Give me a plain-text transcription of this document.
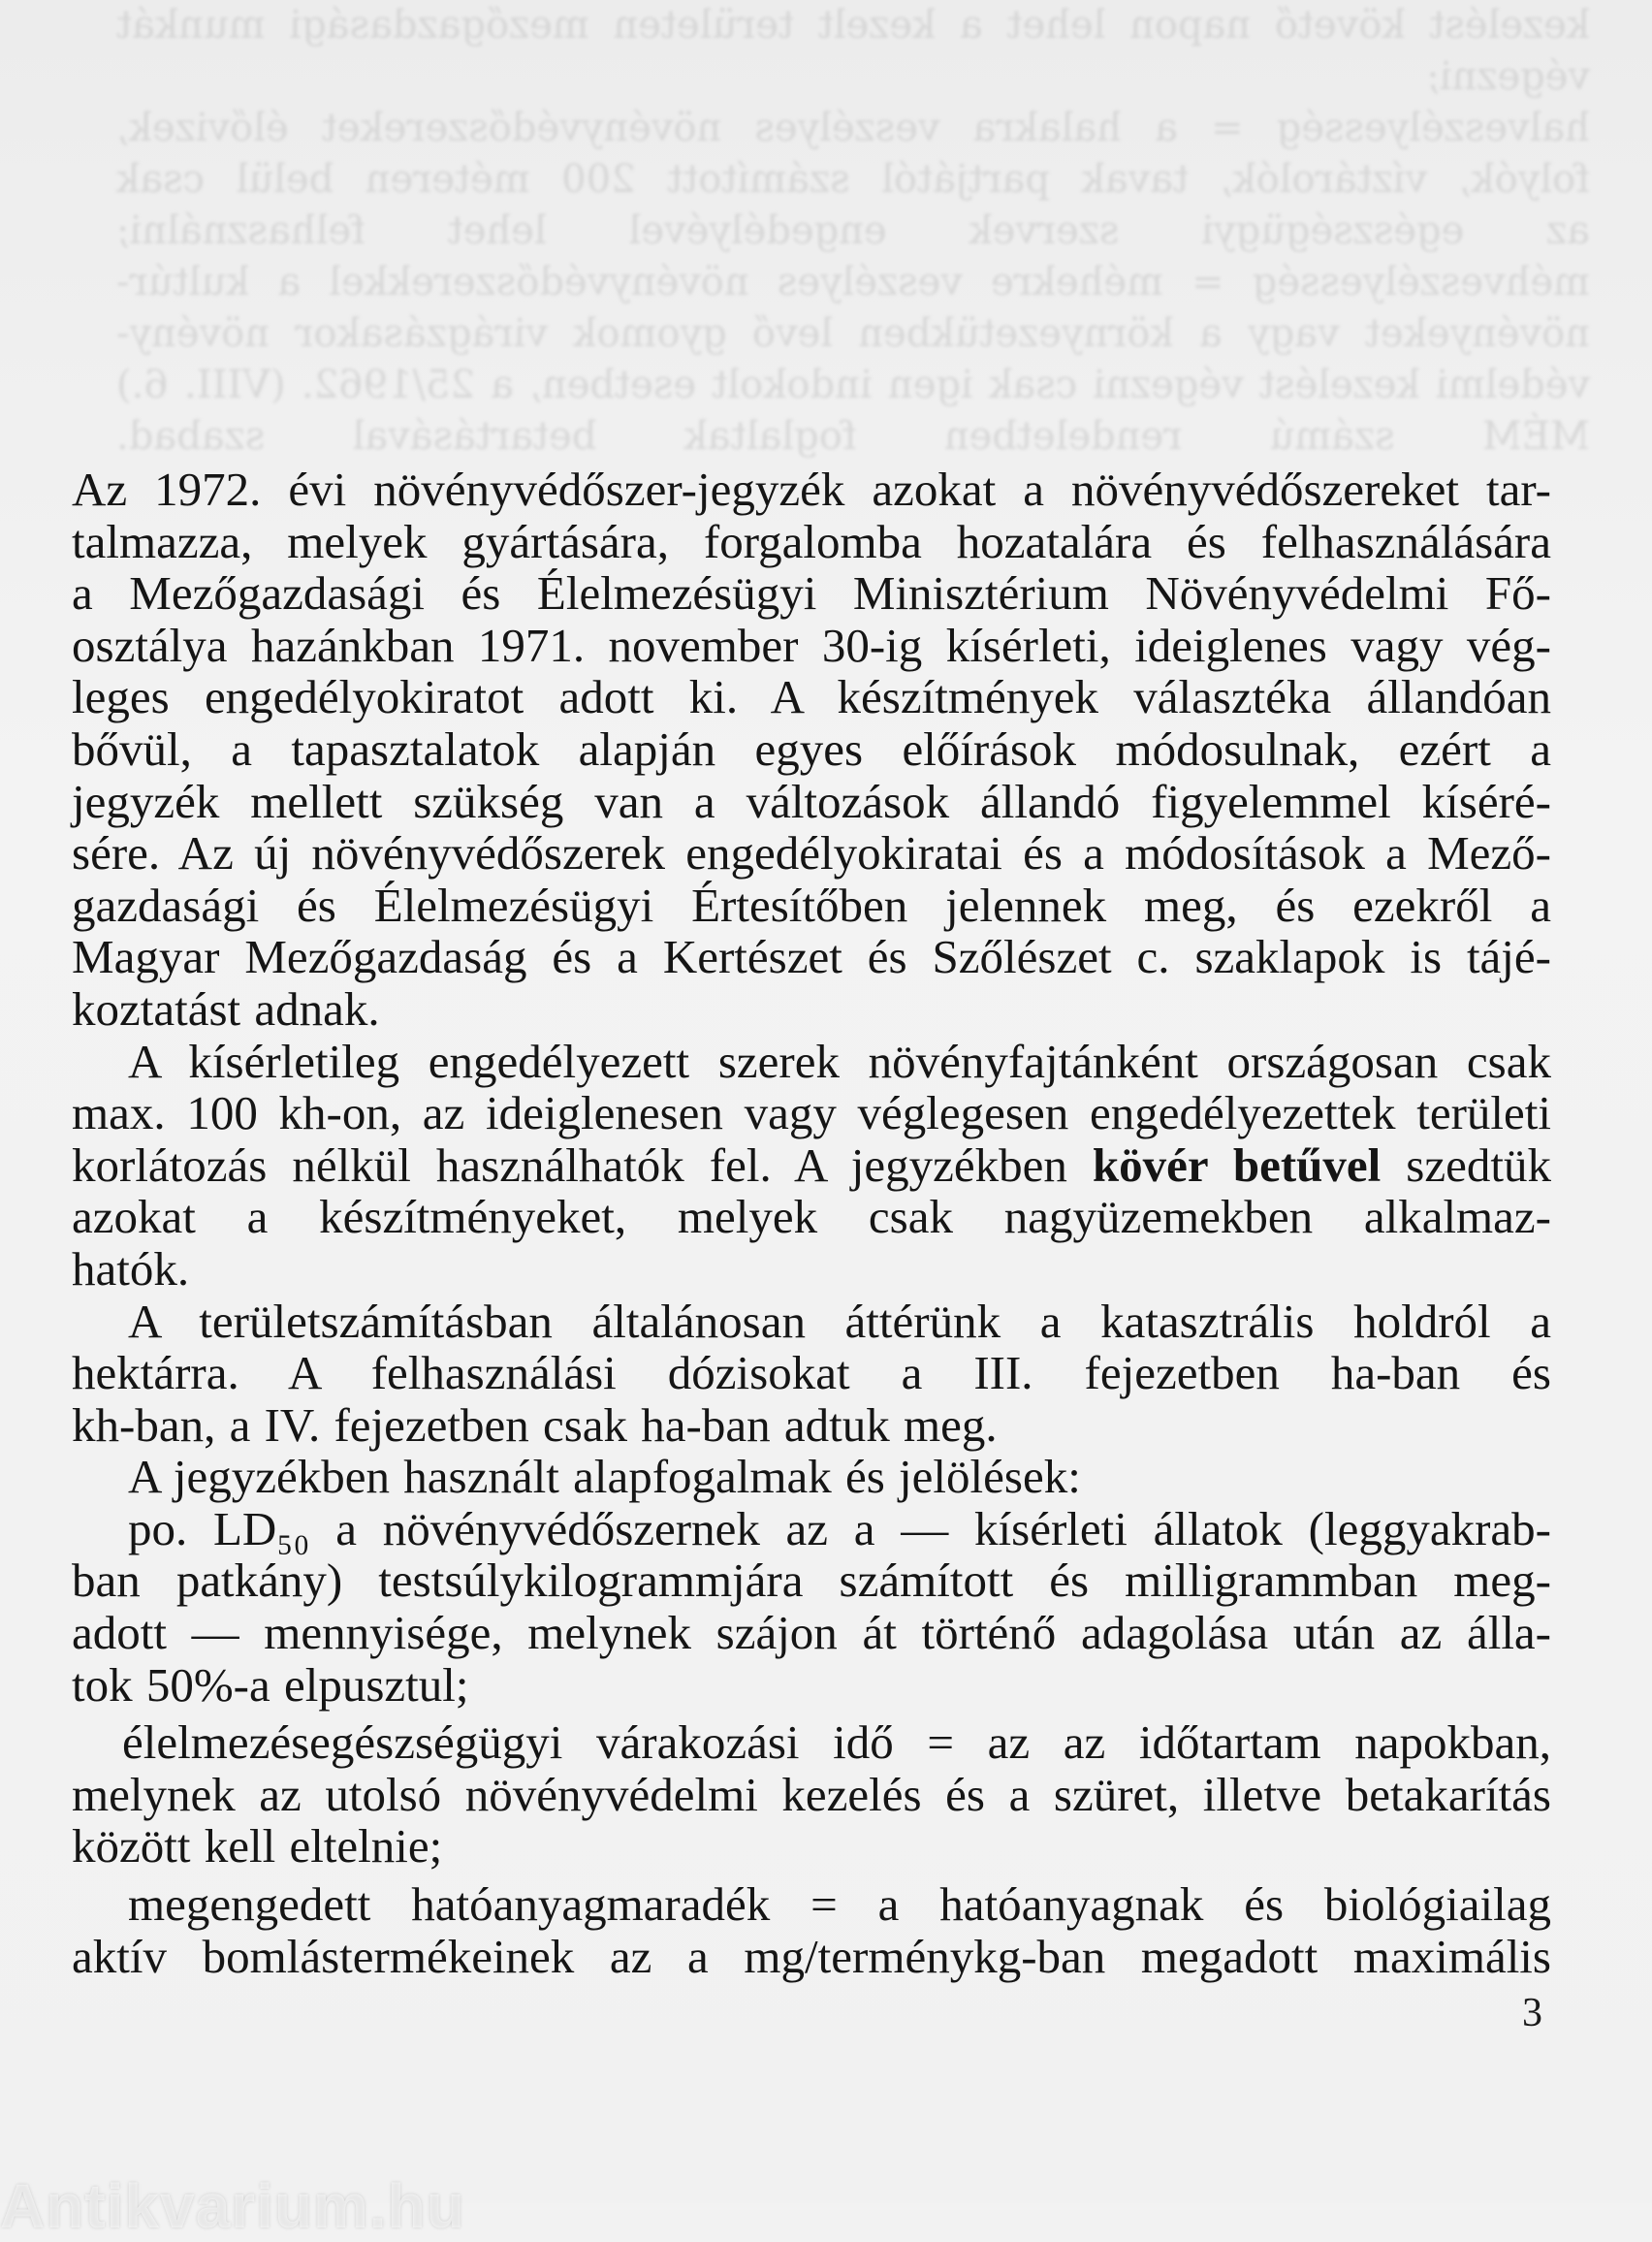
kezelést követő napon lehet a kezelt területen mezőgazdasági munkát
végezni;
halveszélyesség = a halakra veszélyes növényvédőszereket élővizek,
folyók, víztárolók, tavak partjától számított 200 méteren belül csak
az egészségügyi szervek engedélyével lehet felhasználni;
méhveszélyesség = méhekre veszélyes növényvédőszerekkel a kultúr-
növényeket vagy a környezetükben levő gyomok virágzásakor növény-
védelmi kezelést végezni csak igen indokolt esetben, a 25/1962. (VIII. 6.)
MÉM számú rendeletben foglaltak betartásával szabad.
Az 1972. évi növényvédőszer-jegyzék azokat a növényvédőszereket tar-
talmazza, melyek gyártására, forgalomba hozatalára és felhasználására
a Mezőgazdasági és Élelmezésügyi Minisztérium Növényvédelmi Fő-
osztálya hazánkban 1971. november 30-ig kísérleti, ideiglenes vagy vég-
leges engedélyokiratot adott ki. A készítmények választéka állandóan
bővül, a tapasztalatok alapján egyes előírások módosulnak, ezért a
jegyzék mellett szükség van a változások állandó figyelemmel kíséré-
sére. Az új növényvédőszerek engedélyokiratai és a módosítások a Mező-
gazdasági és Élelmezésügyi Értesítőben jelennek meg, és ezekről a
Magyar Mezőgazdaság és a Kertészet és Szőlészet c. szaklapok is tájé-
koztatást adnak.
A kísérletileg engedélyezett szerek növényfajtánként országosan csak
max. 100 kh-on, az ideiglenesen vagy véglegesen engedélyezettek területi
korlátozás nélkül használhatók fel. A jegyzékben kövér betűvel szedtük
azokat a készítményeket, melyek csak nagyüzemekben alkalmaz-
hatók.
A területszámításban általánosan áttérünk a katasztrális holdról a
hektárra. A felhasználási dózisokat a III. fejezetben ha-ban és
kh-ban, a IV. fejezetben csak ha-ban adtuk meg.
A jegyzékben használt alapfogalmak és jelölések:
po. LD₅₀ a növényvédőszernek az a — kísérleti állatok (leggyakrab-
ban patkány) testsúlykilogrammjára számított és milligrammban meg-
adott — mennyisége, melynek szájon át történő adagolása után az álla-
tok 50%-a elpusztul;
élelmezésegészségügyi várakozási idő = az az időtartam napokban,
melynek az utolsó növényvédelmi kezelés és a szüret, illetve betakarítás
között kell eltelnie;
megengedett hatóanyagmaradék = a hatóanyagnak és biológiailag
aktív bomlástermékeinek az a mg/terménykg-ban megadott maximális
3
Antikvarium.hu
